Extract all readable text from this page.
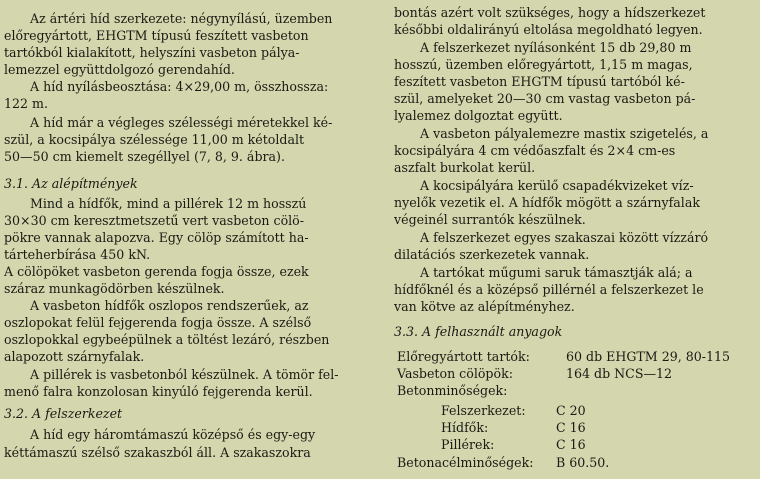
Az ártéri híd szerkezete: négynyílású, üzemben
előregyártott, EHGTM típusú feszített vasbeton
tartókból kialakított, helyszíni vasbeton pálya-
lemezzel együttdolgozó gerendahíd.
A híd nyílásbeosztása: 4×29,00 m, összhossza:
122 m.
A híd már a végleges szélességi méretekkel ké-
szül, a kocsipálya szélessége 11,00 m kétoldalt
50—50 cm kiemelt szegéllyel (7, 8, 9. ábra).
3.1. Az alépítmények
Mind a hídfők, mind a pillérek 12 m hosszú
30×30 cm keresztmetszetű vert vasbeton cölö-
pökre vannak alapozva. Egy cölöp számított ha-
tárteherbírása 450 kN.
A cölöpöket vasbeton gerenda fogja össze, ezek
száraz munkagödörben készülnek.
A vasbeton hídfők oszlopos rendszerűek, az
oszlopokat felül fejgerenda fogja össze. A szélső
oszlopokkal egybeépülnek a töltést lezáró, részben
alapozott szárnyfalak.
A pillérek is vasbetonból készülnek. A tömör fel-
menő falra konzolosan kinyúló fejgerenda kerül.
3.2. A felszerkezet
A híd egy háromtámaszú középső és egy-egy
kéttámaszú szélső szakaszból áll. A szakaszokra
Előregyártott tartók:	60 db EHGTM 29, 80-115
Vasbeton cölöpök:	164 db NCS—12
Betonminőségek:
Felszerkezet: C 20
Hídfők:	C 16
Pillérek:	C 16
Betonacélminőségek: B 60.50.
bontás azért volt szükséges, hogy a hídszerkezet
későbbi oldalirányú eltolása megoldható legyen.
A felszerkezet nyílásonként 15 db 29,80 m
hosszú, üzemben előregyártott, 1,15 m magas,
feszített vasbeton EHGTM típusú tartóból ké-
szül, amelyeket 20—30 cm vastag vasbeton pá-
lyalemez dolgoztat együtt.
A vasbeton pályalemezre mastix szigetelés, a
kocsipályára 4 cm védőaszfalt és 2×4 cm-es
aszfalt burkolat kerül.
A kocsipályára kerülő csapadékvizeket víz-
nyelők vezetik el. A hídfők mögött a szárnyfalak
végeinél surrantók készülnek.
A felszerkezet egyes szakaszai között vízzáró
dilatációs szerkezetek vannak.
A tartókat műgumi saruk támasztják alá; a
hídfőknél és a középső pillérnél a felszerkezet le
van kötve az alépítményhez.
3.3. A felhasznált anyagok
